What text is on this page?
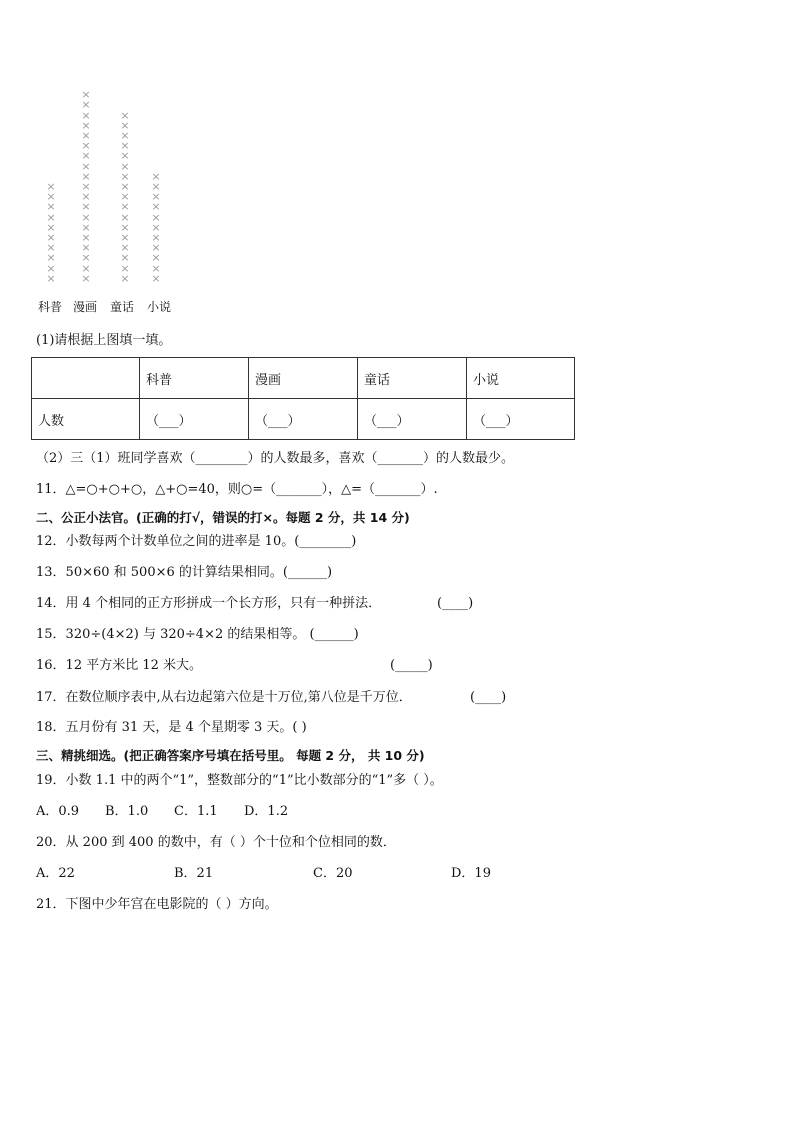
×
×
×
×
×
×
×
×
×
×
×
×
×
×
×
×
×
×
×
×
×
×
×
×
×
×
×
×
×
×
×
×
×
×
×
×
×
×
×
×
×
×
×
×
×
×
×
×
×
×
×
×
×
×
×
×
×
科普 漫画 童话 小说
(1)请根据上图填一填。
	科普	漫画	童话	小说
人数	（___）	（___）	（___）	（___）
（2）三（1）班同学喜欢（________）的人数最多，喜欢（_______）的人数最少。
11．△=○+○+○，△+○=40，则○=（_______），△=（_______）.
二、公正小法官。(正确的打√，错误的打×。每题 2 分，共 14 分)
12．小数每两个计数单位之间的进率是 10。(________)
13．50×60 和 500×6 的计算结果相同。(______)
14．用 4 个相同的正方形拼成一个长方形，只有一种拼法．	(____)
15．320÷(4×2) 与 320÷4×2 的结果相等。 (______)
16．12 平方米比 12 米大。	(_____)
17．在数位顺序表中,从右边起第六位是十万位,第八位是千万位．	(____)
18．五月份有 31 天，是 4 个星期零 3 天。( )
三、精挑细选。(把正确答案序号填在括号里。 每题 2 分， 共 10 分)
19．小数 1.1 中的两个“1”，整数部分的“1”比小数部分的“1”多（ ）。
A．0.9 B．1.0 C．1.1 D．1.2
20．从 200 到 400 的数中，有（ ）个十位和个位相同的数．
A．22	B．21	C．20	D．19
21．下图中少年宫在电影院的（ ）方向。
